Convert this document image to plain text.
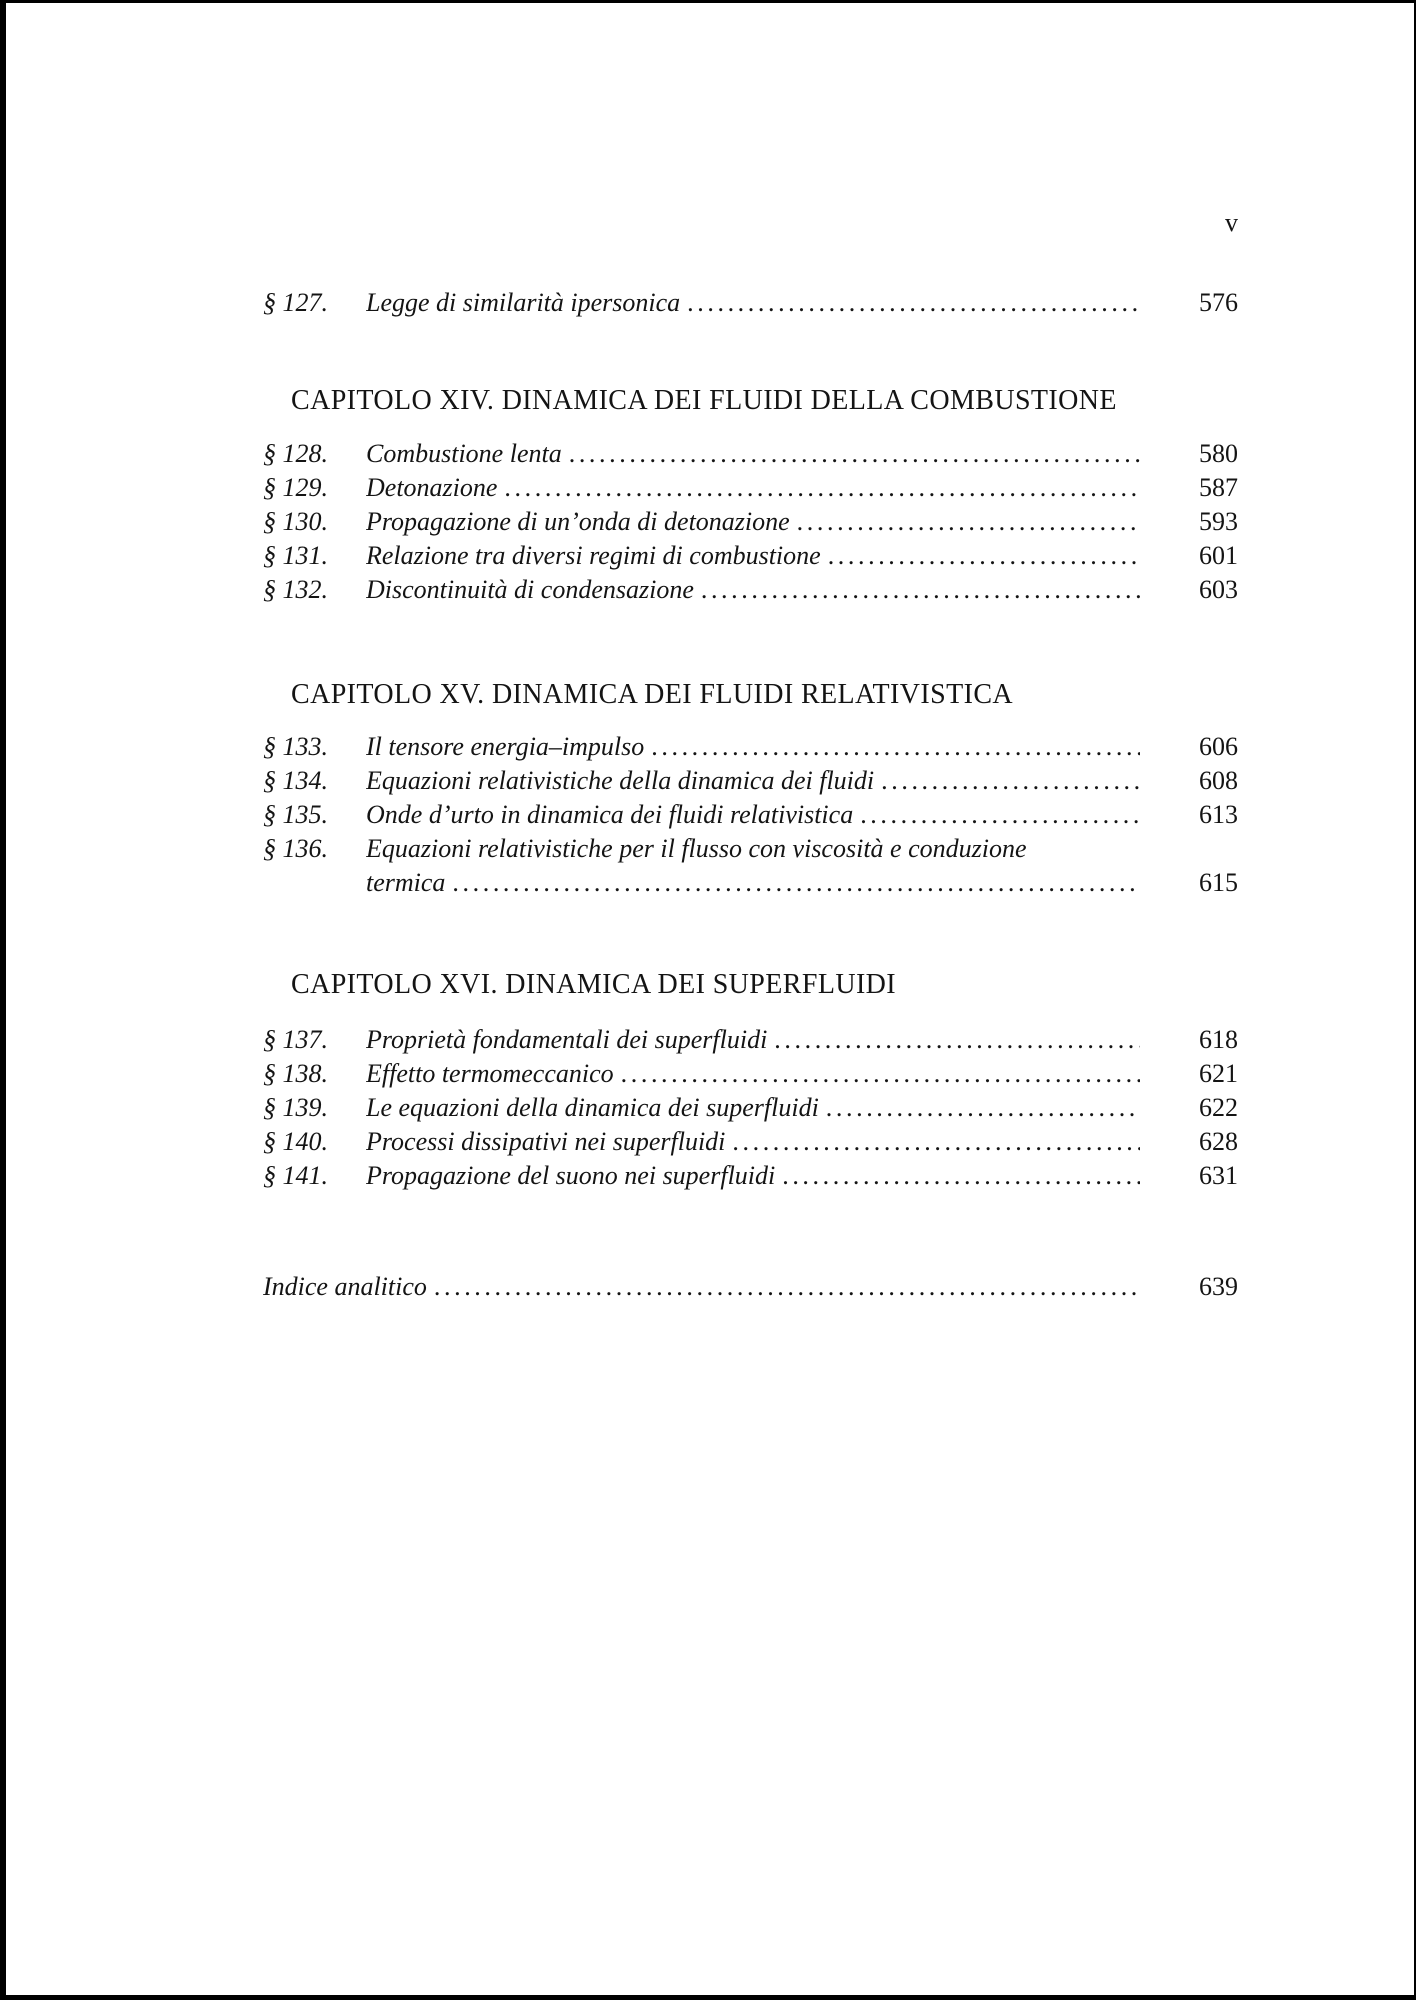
v
§ 127.	Legge di similarità ipersonica .....	576
CAPITOLO XIV. DINAMICA DEI FLUIDI DELLA COMBUSTIONE
§ 128.	Combustione lenta .....	580
§ 129.	Detonazione .....	587
§ 130.	Propagazione di un’onda di detonazione .....	593
§ 131.	Relazione tra diversi regimi di combustione .....	601
§ 132.	Discontinuità di condensazione .....	603
CAPITOLO XV. DINAMICA DEI FLUIDI RELATIVISTICA
§ 133.	Il tensore energia–impulso .....	606
§ 134.	Equazioni relativistiche della dinamica dei fluidi .....	608
§ 135.	Onde d’urto in dinamica dei fluidi relativistica .....	613
§ 136.	Equazioni relativistiche per il flusso con viscosità e conduzione
termica .....	615
CAPITOLO XVI. DINAMICA DEI SUPERFLUIDI
§ 137.	Proprietà fondamentali dei superfluidi .....	618
§ 138.	Effetto termomeccanico .....	621
§ 139.	Le equazioni della dinamica dei superfluidi .....	622
§ 140.	Processi dissipativi nei superfluidi .....	628
§ 141.	Propagazione del suono nei superfluidi .....	631
Indice analitico .....	639
